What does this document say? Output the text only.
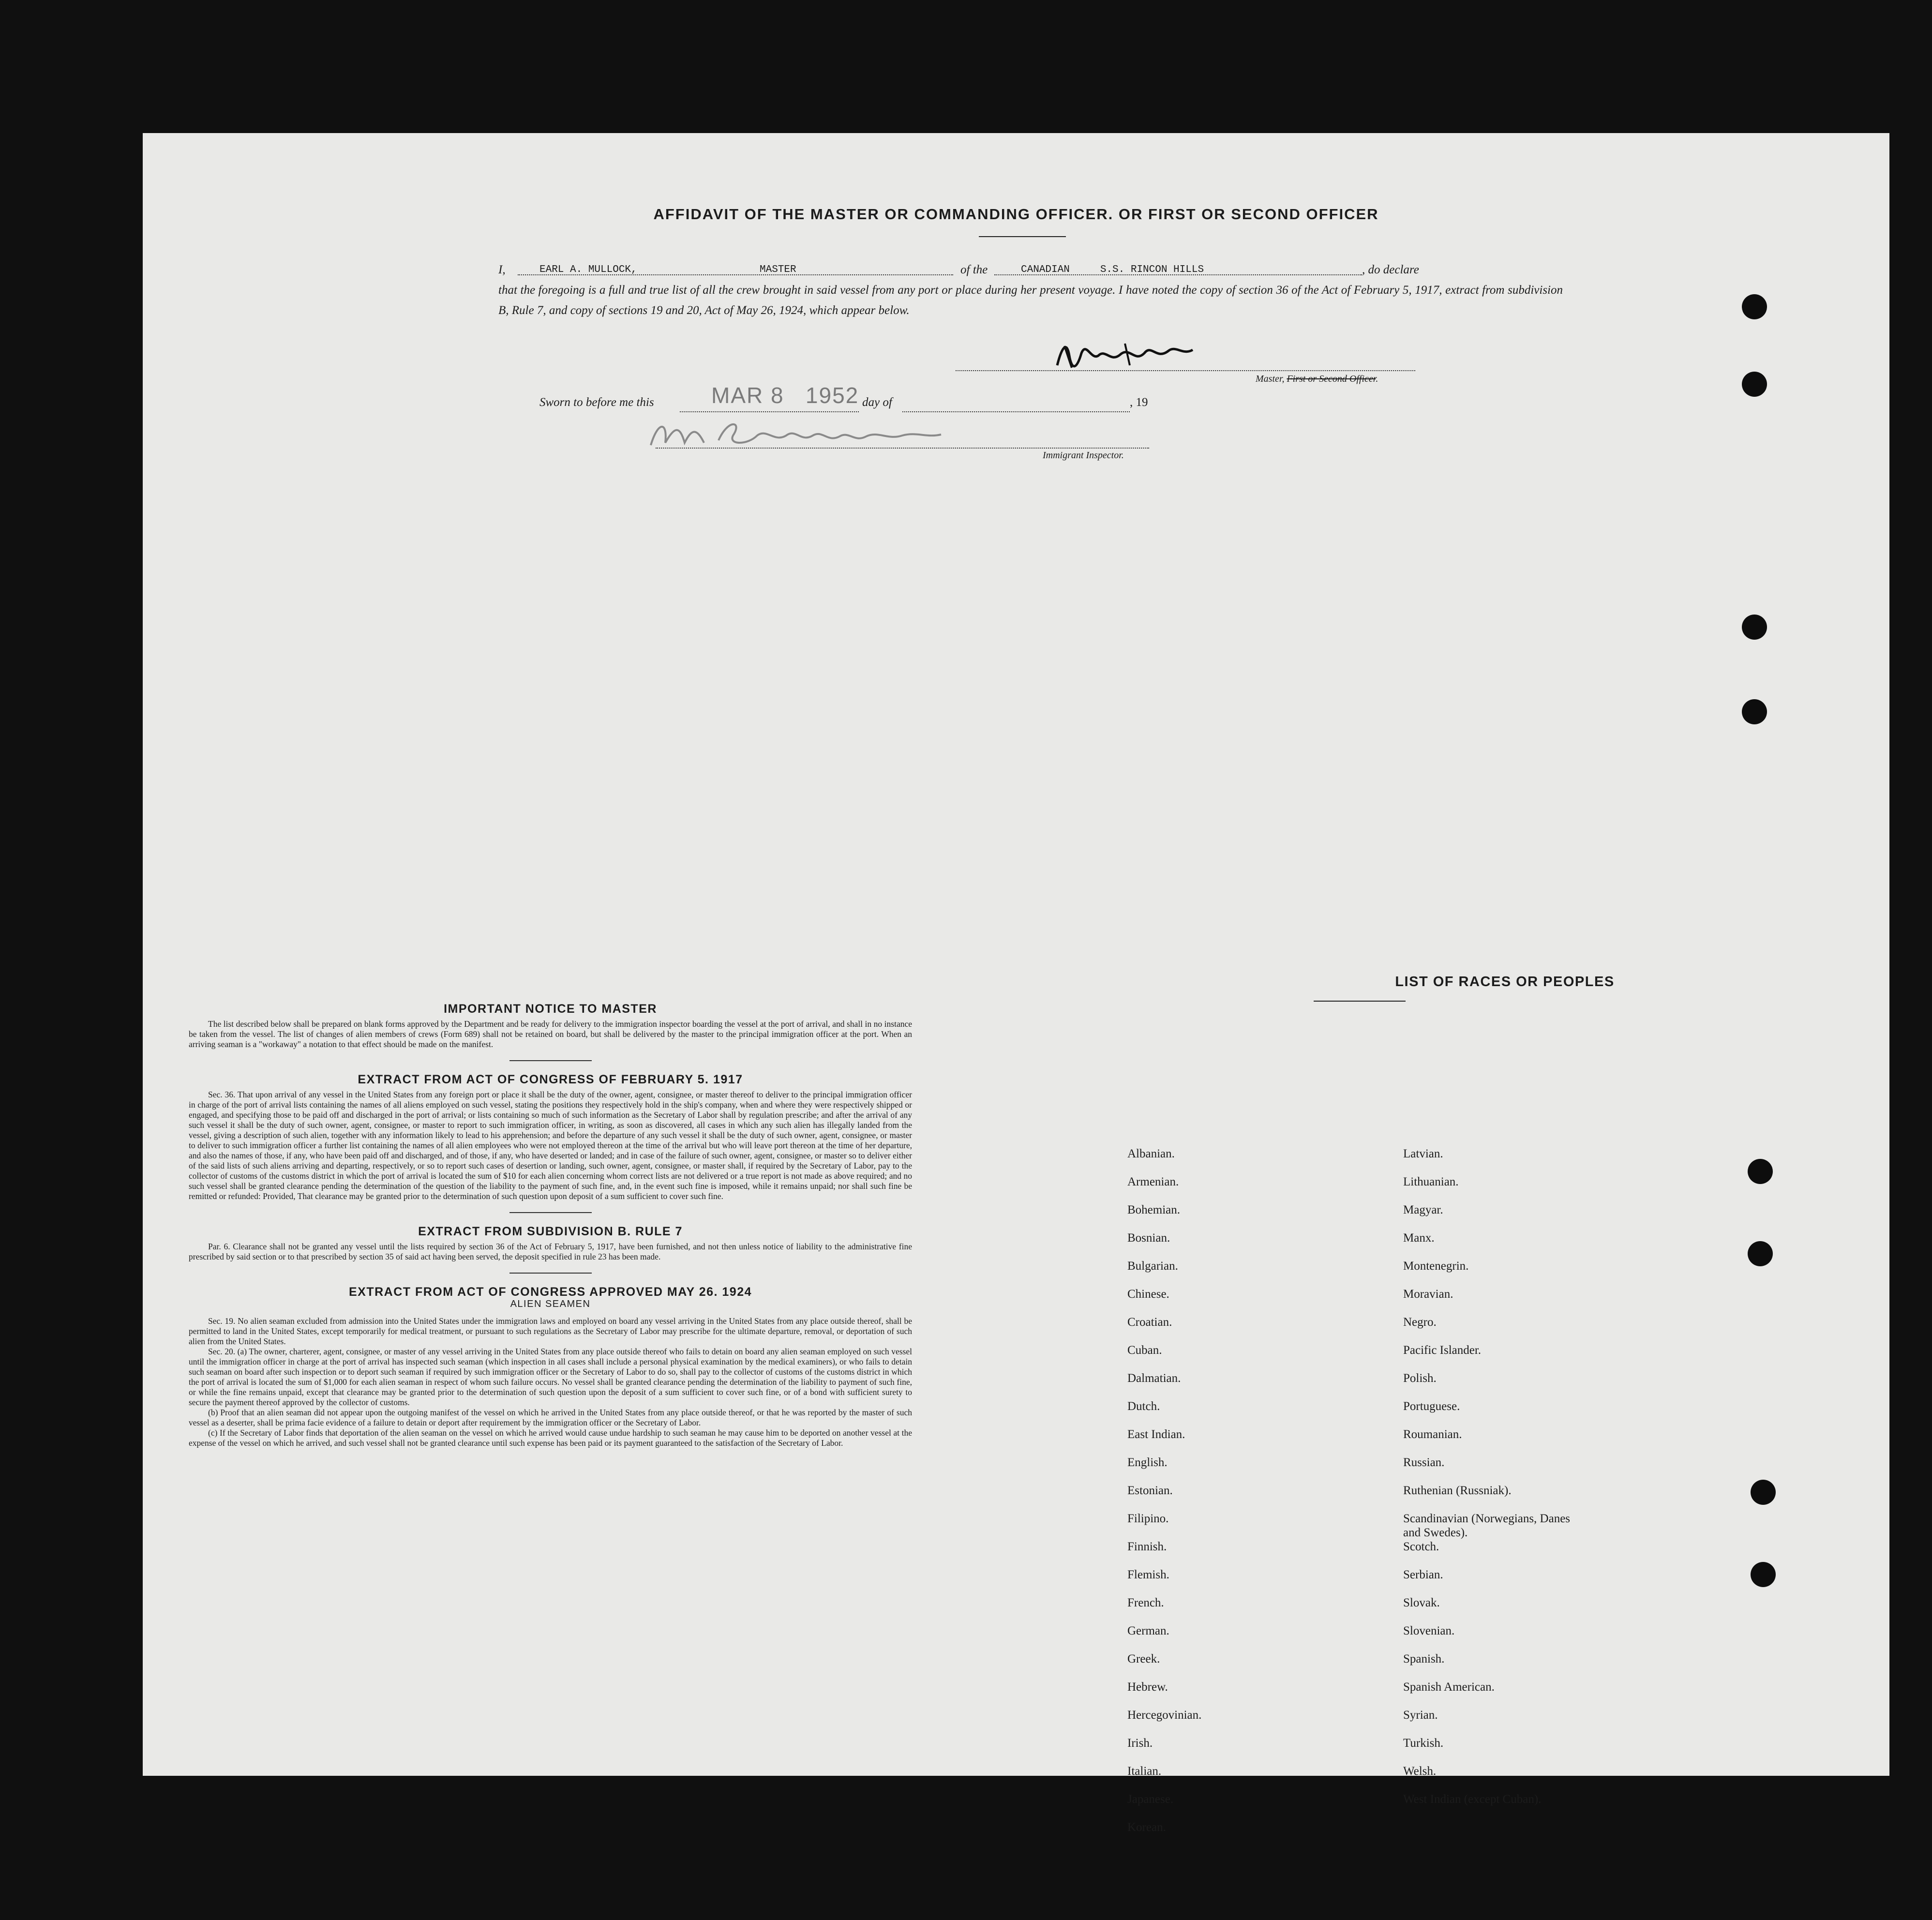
AFFIDAVIT OF THE MASTER OR COMMANDING OFFICER. OR FIRST OR SECOND OFFICER
I,	EARL A. MULLOCK,	MASTER	of the	CANADIAN     S.S. RINCON HILLS	, do declare
that the foregoing is a full and true list of all the crew brought in said vessel from any port or place during her present voyage. I have noted the copy of section 36 of the Act of February 5, 1917, extract from subdivision B, Rule 7, and copy of sections 19 and 20, Act of May 26, 1924, which appear below.
Master, First or Second Officer.
Sworn to before me this	MAR 8   1952 day of	, 19
Immigrant Inspector.
IMPORTANT NOTICE TO MASTER

The list described below shall be prepared on blank forms approved by the Department and be ready for delivery to the immigration inspector boarding the vessel at the port of arrival, and shall in no instance be taken from the vessel. The list of changes of alien members of crews (Form 689) shall not be retained on board, but shall be delivered by the master to the principal immigration officer at the port. When an arriving seaman is a "workaway" a notation to that effect should be made on the manifest.

EXTRACT FROM ACT OF CONGRESS OF FEBRUARY 5. 1917

Sec. 36. That upon arrival of any vessel in the United States from any foreign port or place it shall be the duty of the owner, agent, consignee, or master thereof to deliver to the principal immigration officer in charge of the port of arrival lists containing the names of all aliens employed on such vessel, stating the positions they respectively hold in the ship's company, when and where they were respectively shipped or engaged, and specifying those to be paid off and discharged in the port of arrival; or lists containing so much of such information as the Secretary of Labor shall by regulation prescribe; and after the arrival of any such vessel it shall be the duty of such owner, agent, consignee, or master to report to such immigration officer, in writing, as soon as discovered, all cases in which any such alien has illegally landed from the vessel, giving a description of such alien, together with any information likely to lead to his apprehension; and before the departure of any such vessel it shall be the duty of such owner, agent, consignee, or master to deliver to such immigration officer a further list containing the names of all alien employees who were not employed thereon at the time of the arrival but who will leave port thereon at the time of her departure, and also the names of those, if any, who have been paid off and discharged, and of those, if any, who have deserted or landed; and in case of the failure of such owner, agent, consignee, or master so to deliver either of the said lists of such aliens arriving and departing, respectively, or so to report such cases of desertion or landing, such owner, agent, consignee, or master shall, if required by the Secretary of Labor, pay to the collector of customs of the customs district in which the port of arrival is located the sum of $10 for each alien concerning whom correct lists are not delivered or a true report is not made as above required; and no such vessel shall be granted clearance pending the determination of the question of the liability to the payment of such fine, and, in the event such fine is imposed, while it remains unpaid; nor shall such fine be remitted or refunded: Provided, That clearance may be granted prior to the determination of such question upon deposit of a sum sufficient to cover such fine.

EXTRACT FROM SUBDIVISION B. RULE 7

Par. 6. Clearance shall not be granted any vessel until the lists required by section 36 of the Act of February 5, 1917, have been furnished, and not then unless notice of liability to the administrative fine prescribed by said section or to that prescribed by section 35 of said act having been served, the deposit specified in rule 23 has been made.

EXTRACT FROM ACT OF CONGRESS APPROVED MAY 26. 1924
ALIEN SEAMEN

Sec. 19. No alien seaman excluded from admission into the United States under the immigration laws and employed on board any vessel arriving in the United States from any place outside thereof, shall be permitted to land in the United States, except temporarily for medical treatment, or pursuant to such regulations as the Secretary of Labor may prescribe for the ultimate departure, removal, or deportation of such alien from the United States.

Sec. 20. (a) The owner, charterer, agent, consignee, or master of any vessel arriving in the United States from any place outside thereof who fails to detain on board any alien seaman employed on such vessel until the immigration officer in charge at the port of arrival has inspected such seaman (which inspection in all cases shall include a personal physical examination by the medical examiners), or who fails to detain such seaman on board after such inspection or to deport such seaman if required by such immigration officer or the Secretary of Labor to do so, shall pay to the collector of customs of the customs district in which the port of arrival is located the sum of $1,000 for each alien seaman in respect of whom such failure occurs. No vessel shall be granted clearance pending the determination of the liability to payment of such fine, or while the fine remains unpaid, except that clearance may be granted prior to the determination of such question upon the deposit of a sum sufficient to cover such fine, or of a bond with sufficient surety to secure the payment thereof approved by the collector of customs.

(b) Proof that an alien seaman did not appear upon the outgoing manifest of the vessel on which he arrived in the United States from any place outside thereof, or that he was reported by the master of such vessel as a deserter, shall be prima facie evidence of a failure to detain or deport after requirement by the immigration officer or the Secretary of Labor.

(c) If the Secretary of Labor finds that deportation of the alien seaman on the vessel on which he arrived would cause undue hardship to such seaman he may cause him to be deported on another vessel at the expense of the vessel on which he arrived, and such vessel shall not be granted clearance until such expense has been paid or its payment guaranteed to the satisfaction of the Secretary of Labor.

LIST OF RACES OR PEOPLES
Albanian.
Armenian.
Bohemian.
Bosnian.
Bulgarian.
Chinese.
Croatian.
Cuban.
Dalmatian.
Dutch.
East Indian.
English.
Estonian.
Filipino.
Finnish.
Flemish.
French.
German.
Greek.
Hebrew.
Hercegovinian.
Irish.
Italian.
Japanese.
Korean.
Latvian.
Lithuanian.
Magyar.
Manx.
Montenegrin.
Moravian.
Negro.
Pacific Islander.
Polish.
Portuguese.
Roumanian.
Russian.
Ruthenian (Russniak).
Scandinavian (Norwegians, Danes and Swedes).
Scotch.
Serbian.
Slovak.
Slovenian.
Spanish.
Spanish American.
Syrian.
Turkish.
Welsh.
West Indian (except Cuban).
